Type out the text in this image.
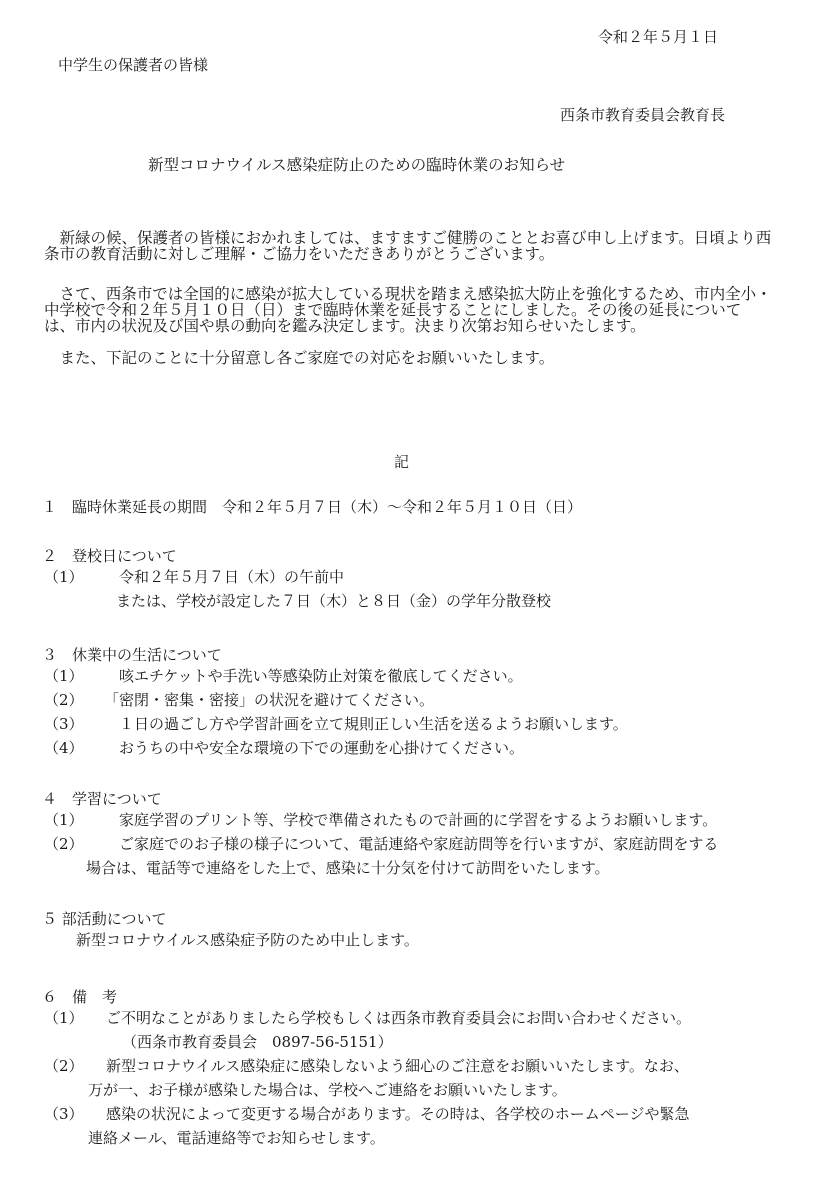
令和２年５月１日
中学生の保護者の皆様
西条市教育委員会教育長
新型コロナウイルス感染症防止のための臨時休業のお知らせ
　新緑の候、保護者の皆様におかれましては、ますますご健勝のこととお喜び申し上げます。日頃より西条市の教育活動に対しご理解・ご協力をいただきありがとうございます。
　さて、西条市では全国的に感染が拡大している現状を踏まえ感染拡大防止を強化するため、市内全小・中学校で令和２年５月１０日（日）まで臨時休業を延長することにしました。その後の延長については、市内の状況及び国や県の動向を鑑み決定します。決まり次第お知らせいたします。
　また、下記のことに十分留意し各ご家庭での対応をお願いいたします。
記
１　臨時休業延長の期間　令和２年５月７日（木）～令和２年５月１０日（日）
２　登校日について
（1）	　令和２年５月７日（木）の午前中
または、学校が設定した７日（木）と８日（金）の学年分散登校
３　休業中の生活について
（1）	　咳エチケットや手洗い等感染防止対策を徹底してください。
（2）	「密閉・密集・密接」の状況を避けてください。
（3）	　１日の過ごし方や学習計画を立て規則正しい生活を送るようお願いします。
（4）	　おうちの中や安全な環境の下での運動を心掛けてください。
４　学習について
（1）	　家庭学習のプリント等、学校で準備されたもので計画的に学習をするようお願いします。
（2）	　ご家庭でのお子様の様子について、電話連絡や家庭訪問等を行いますが、家庭訪問をする
場合は、電話等で連絡をした上で、感染に十分気を付けて訪問をいたします。
５ 部活動について
新型コロナウイルス感染症予防のため中止します。
６　備　考
（1）	ご不明なことがありましたら学校もしくは西条市教育委員会にお問い合わせください。
（西条市教育委員会　0897-56-5151）
（2）	新型コロナウイルス感染症に感染しないよう細心のご注意をお願いいたします。なお、
万が一、お子様が感染した場合は、学校へご連絡をお願いいたします。
（3）	感染の状況によって変更する場合があります。その時は、各学校のホームページや緊急
連絡メール、電話連絡等でお知らせします。
